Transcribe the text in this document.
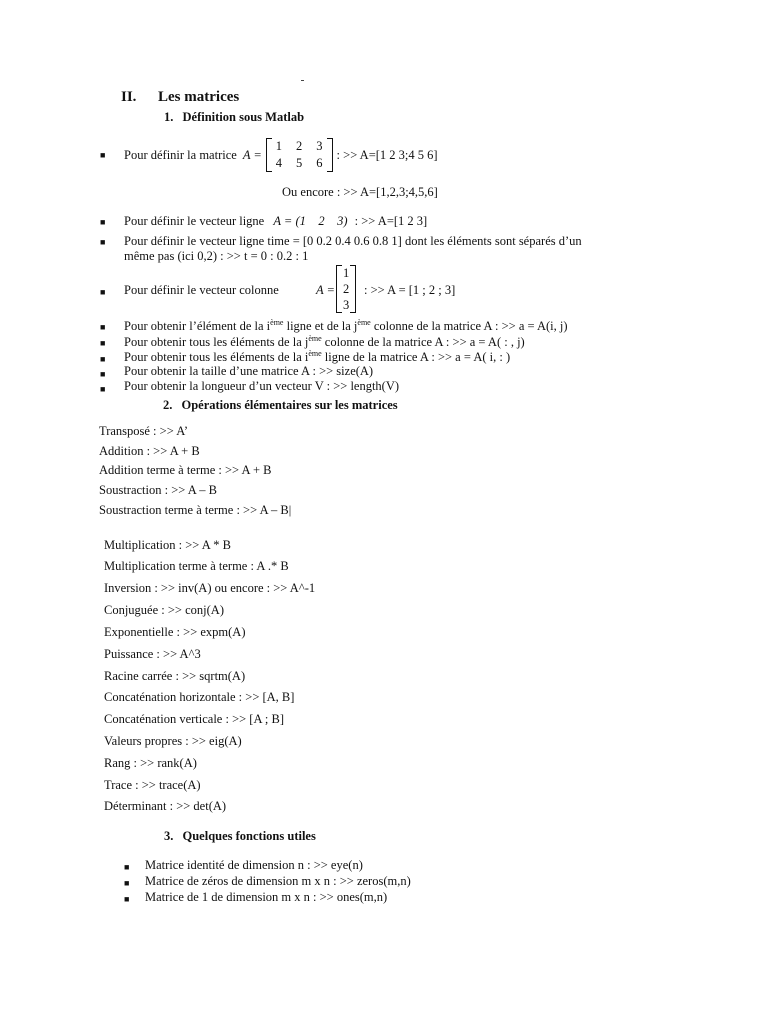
II. Les matrices
1. Définition sous Matlab
■ Pour définir la matrice A =
1 2 3
4 5 6
: >> A=[1 2 3;4 5 6]
Ou encore : >> A=[1,2,3;4,5,6]
■ Pour définir le vecteur ligne A = (1    2    3) : >> A=[1 2 3]
■ Pour définir le vecteur ligne time = [0 0.2 0.4 0.6 0.8 1] dont les éléments sont séparés d’un
même pas (ici 0,2) : >> t = 0 : 0.2 : 1
■ Pour définir le vecteur colonne	A =
1
2
3
: >> A = [1 ; 2 ; 3]
■ Pour obtenir l’élément de la $i^{ème}$ ligne et de la $j^{ème}$ colonne de la matrice A : >> a = A(i, j)
■ Pour obtenir tous les éléments de la $j^{ème}$ colonne de la matrice A : >> a = A( : , j)
■ Pour obtenir tous les éléments de la $i^{ème}$ ligne de la matrice A : >> a = A( i, : )
■ Pour obtenir la taille d’une matrice A : >> size(A)
■ Pour obtenir la longueur d’un vecteur V : >> length(V)
2. Opérations élémentaires sur les matrices
Transposé : >> A’
Addition : >> A + B
Addition terme à terme : >> A + B
Soustraction : >> A – B
Soustraction terme à terme : >> A – B|
Multiplication : >> A * B
Multiplication terme à terme : A .* B
Inversion : >> inv(A) ou encore : >> A^-1
Conjuguée : >> conj(A)
Exponentielle : >> expm(A)
Puissance : >> A^3
Racine carrée : >> sqrtm(A)
Concaténation horizontale : >> [A, B]
Concaténation verticale : >> [A ; B]
Valeurs propres : >> eig(A)
Rang : >> rank(A)
Trace : >> trace(A)
Déterminant : >> det(A)
3. Quelques fonctions utiles
■ Matrice identité de dimension n : >> eye(n)
■ Matrice de zéros de dimension m x n : >> zeros(m,n)
■ Matrice de 1 de dimension m x n : >> ones(m,n)
